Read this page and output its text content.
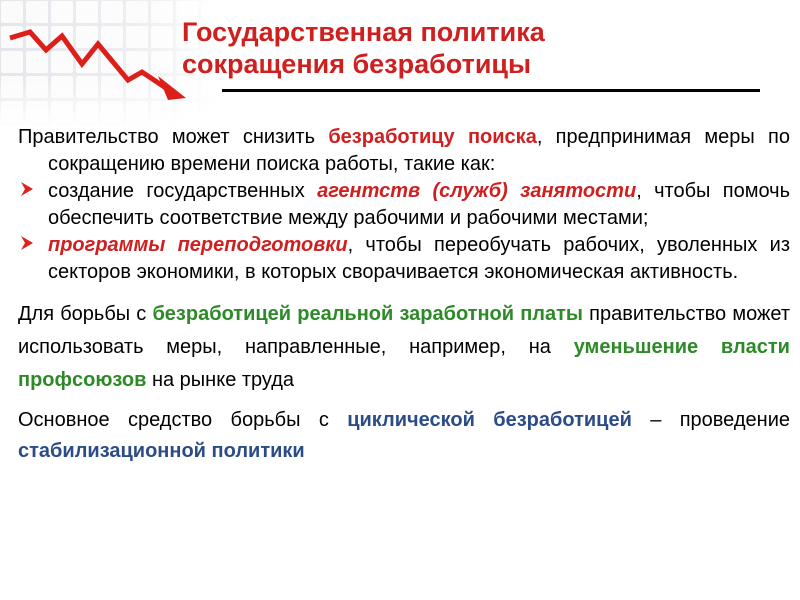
Государственная политика
сокращения безработицы

Правительство может снизить безработицу поиска, предпринимая меры по сокращению времени поиска работы, такие как:

создание государственных агентств (служб) занятости, чтобы помочь обеспечить соответствие между рабочими и рабочими местами;
программы переподготовки, чтобы переобучать рабочих, уволенных из секторов экономики, в которых сворачивается экономическая активность.

Для борьбы с безработицей реальной заработной платы правительство может использовать меры, направленные, например, на уменьшение власти профсоюзов на рынке труда

Основное средство борьбы с циклической безработицей – проведение стабилизационной политики
